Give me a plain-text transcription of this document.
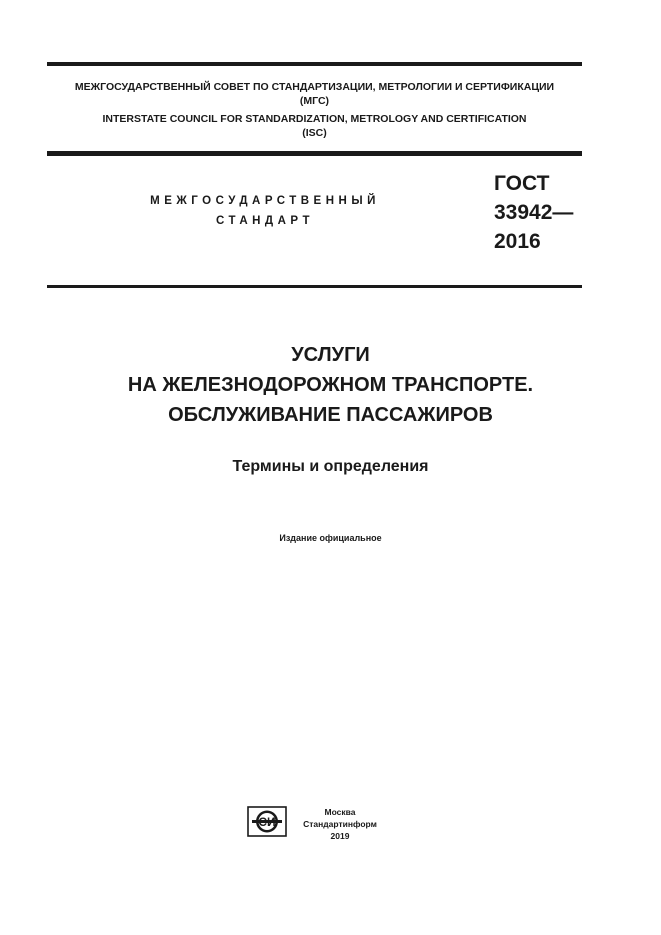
МЕЖГОСУДАРСТВЕННЫЙ СОВЕТ ПО СТАНДАРТИЗАЦИИ, МЕТРОЛОГИИ И СЕРТИФИКАЦИИ
(МГС)
INTERSTATE COUNCIL FOR STANDARDIZATION, METROLOGY AND CERTIFICATION
(ISC)
МЕЖГОСУДАРСТВЕННЫЙ
СТАНДАРТ
ГОСТ
33942—
2016
УСЛУГИ
НА ЖЕЛЕЗНОДОРОЖНОМ ТРАНСПОРТЕ.
ОБСЛУЖИВАНИЕ ПАССАЖИРОВ
Термины и определения
Издание официальное
СИ
Москва
Стандартинформ
2019
